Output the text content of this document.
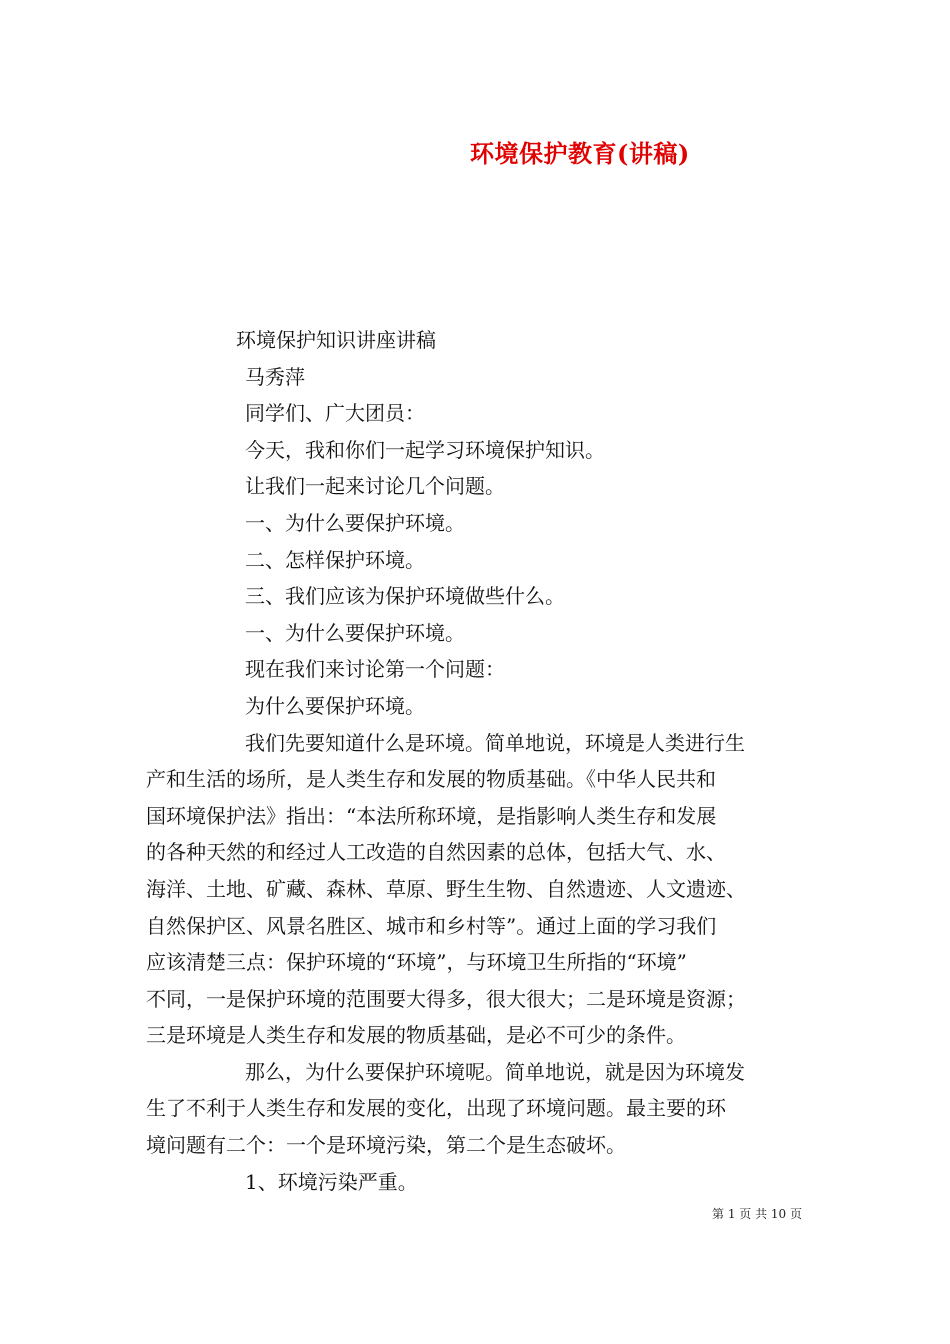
环境保护教育(讲稿)
环境保护知识讲座讲稿
马秀萍
同学们、广大团员：
今天，我和你们一起学习环境保护知识。
让我们一起来讨论几个问题。
一、为什么要保护环境。
二、怎样保护环境。
三、我们应该为保护环境做些什么。
一、为什么要保护环境。
现在我们来讨论第一个问题：
为什么要保护环境。
我们先要知道什么是环境。简单地说，环境是人类进行生
产和生活的场所，是人类生存和发展的物质基础。《中华人民共和
国环境保护法》指出：“本法所称环境，是指影响人类生存和发展
的各种天然的和经过人工改造的自然因素的总体，包括大气、水、
海洋、土地、矿藏、森林、草原、野生生物、自然遗迹、人文遗迹、
自然保护区、风景名胜区、城市和乡村等”。通过上面的学习我们
应该清楚三点：保护环境的“环境”，与环境卫生所指的“环境”
不同，一是保护环境的范围要大得多，很大很大；二是环境是资源；
三是环境是人类生存和发展的物质基础，是必不可少的条件。
那么，为什么要保护环境呢。简单地说，就是因为环境发
生了不利于人类生存和发展的变化，出现了环境问题。最主要的环
境问题有二个：一个是环境污染，第二个是生态破坏。
1、环境污染严重。
第 1 页 共 10 页
